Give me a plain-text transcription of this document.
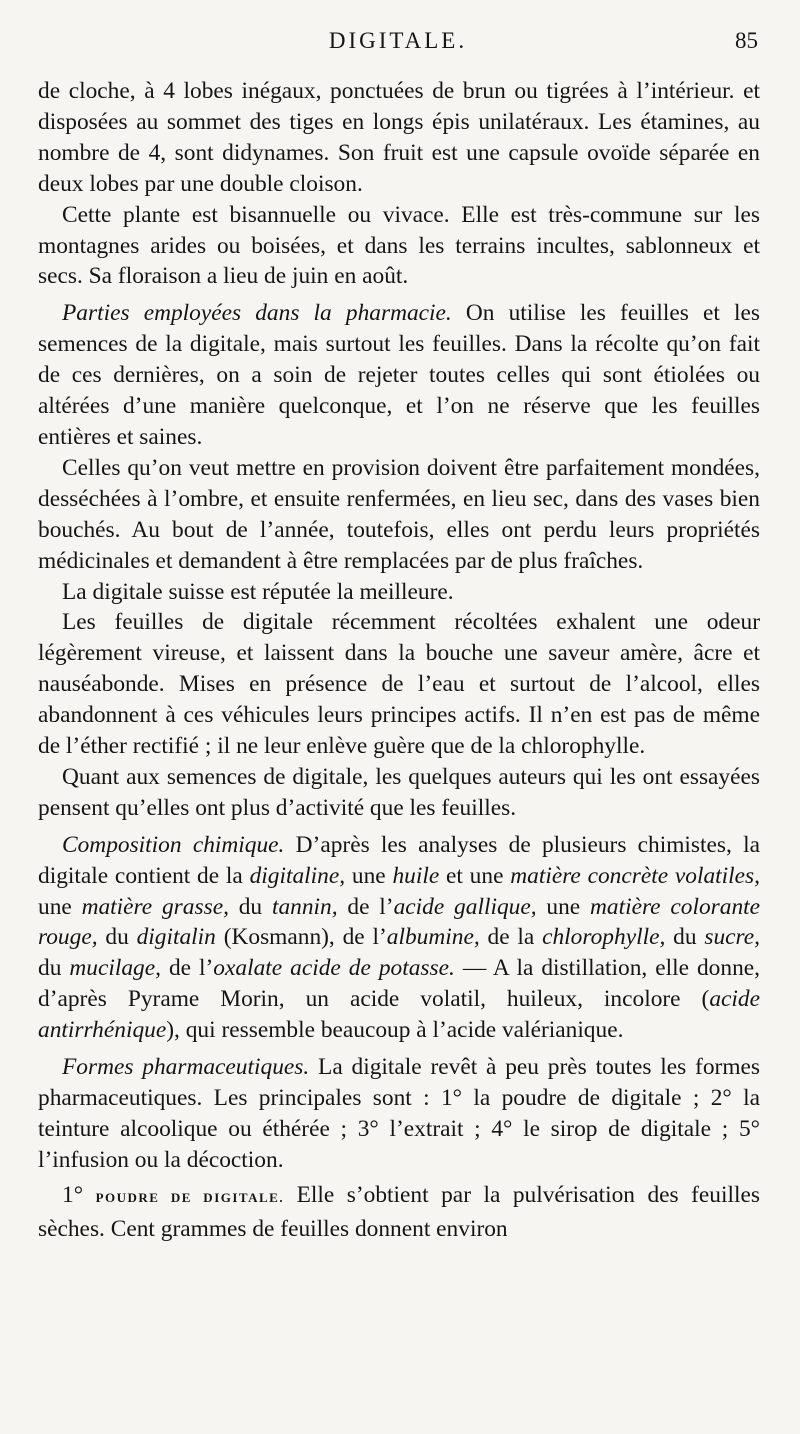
DIGITALE.	85

de cloche, à 4 lobes inégaux, ponctuées de brun ou tigrées à l’intérieur. et disposées au sommet des tiges en longs épis unilatéraux. Les étamines, au nombre de 4, sont didynames. Son fruit est une capsule ovoïde séparée en deux lobes par une double cloison.

Cette plante est bisannuelle ou vivace. Elle est très-commune sur les montagnes arides ou boisées, et dans les terrains incultes, sablonneux et secs. Sa floraison a lieu de juin en août.

Parties employées dans la pharmacie. On utilise les feuilles et les semences de la digitale, mais surtout les feuilles. Dans la récolte qu’on fait de ces dernières, on a soin de rejeter toutes celles qui sont étiolées ou altérées d’une manière quelconque, et l’on ne réserve que les feuilles entières et saines.

Celles qu’on veut mettre en provision doivent être parfaitement mondées, desséchées à l’ombre, et ensuite renfermées, en lieu sec, dans des vases bien bouchés. Au bout de l’année, toutefois, elles ont perdu leurs propriétés médicinales et demandent à être remplacées par de plus fraîches.

La digitale suisse est réputée la meilleure.

Les feuilles de digitale récemment récoltées exhalent une odeur légèrement vireuse, et laissent dans la bouche une saveur amère, âcre et nauséabonde. Mises en présence de l’eau et surtout de l’alcool, elles abandonnent à ces véhicules leurs principes actifs. Il n’en est pas de même de l’éther rectifié ; il ne leur enlève guère que de la chlorophylle.

Quant aux semences de digitale, les quelques auteurs qui les ont essayées pensent qu’elles ont plus d’activité que les feuilles.

Composition chimique. D’après les analyses de plusieurs chimistes, la digitale contient de la digitaline, une huile et une matière concrète volatiles, une matière grasse, du tannin, de l’acide gallique, une matière colorante rouge, du digitalin (Kosmann), de l’albumine, de la chlorophylle, du sucre, du mucilage, de l’oxalate acide de potasse. — A la distillation, elle donne, d’après Pyrame Morin, un acide volatil, huileux, incolore (acide antirrhénique), qui ressemble beaucoup à l’acide valérianique.

Formes pharmaceutiques. La digitale revêt à peu près toutes les formes pharmaceutiques. Les principales sont : 1° la poudre de digitale ; 2° la teinture alcoolique ou éthérée ; 3° l’extrait ; 4° le sirop de digitale ; 5° l’infusion ou la décoction.

1° POUDRE DE DIGITALE. Elle s’obtient par la pulvérisation des feuilles sèches. Cent grammes de feuilles donnent environ
